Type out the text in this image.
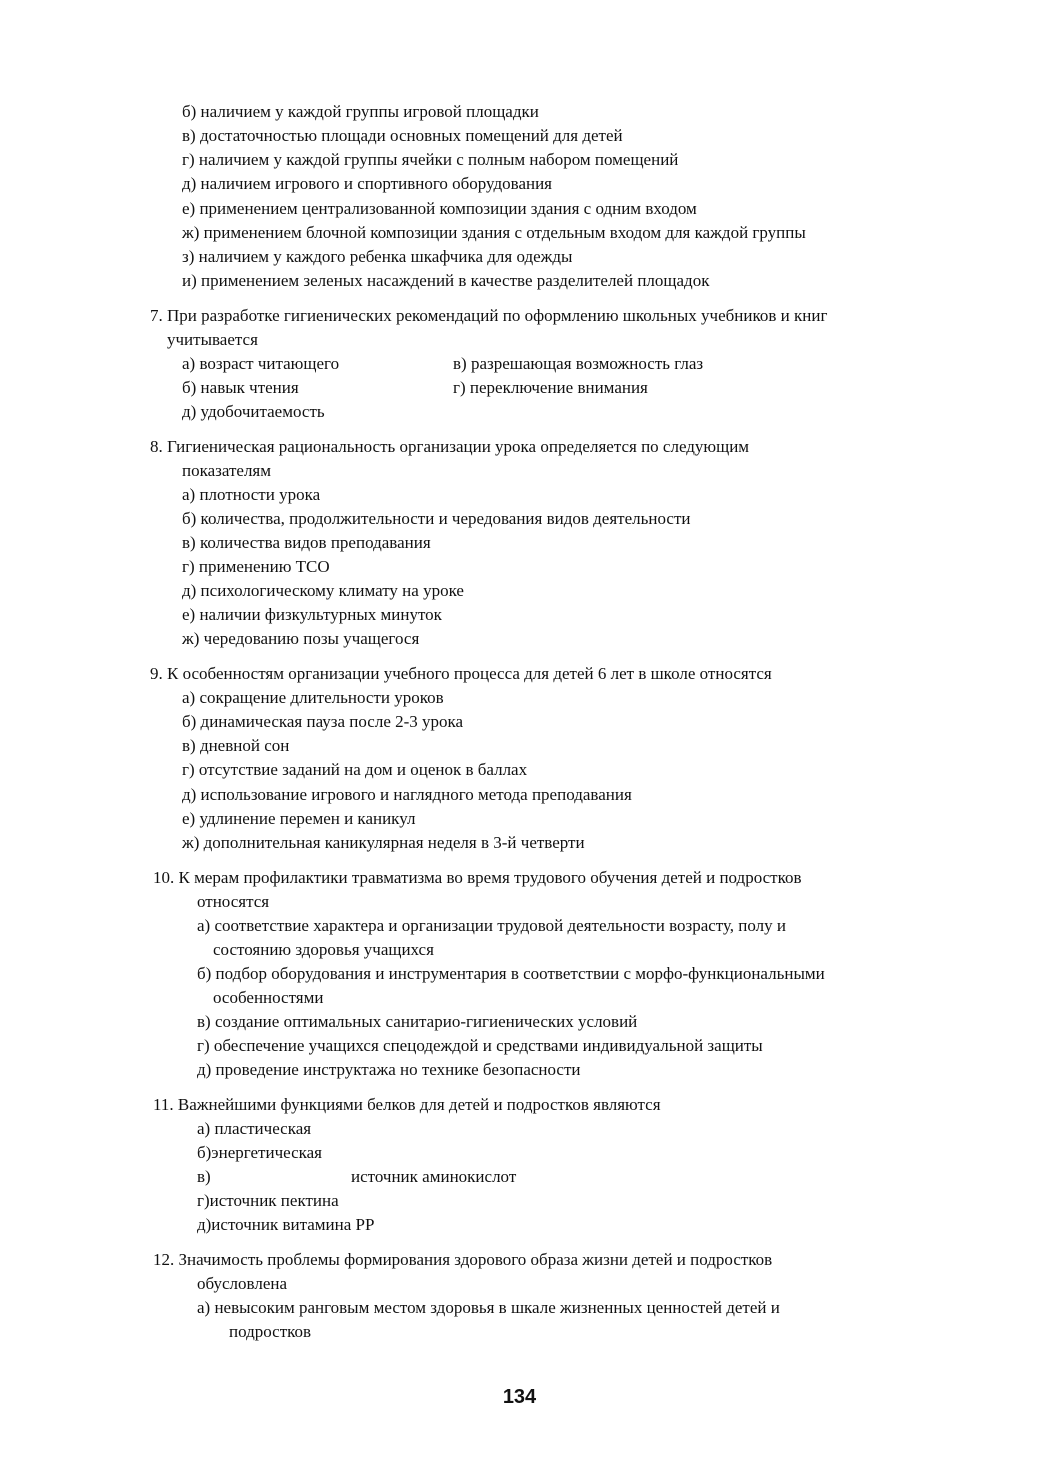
б) наличием у каждой группы игровой площадки
в) достаточностью площади основных помещений для детей
г) наличием у каждой группы ячейки с полным набором помещений
д) наличием игрового и спортивного оборудования
е) применением централизованной композиции здания с одним входом
ж) применением блочной композиции здания с отдельным входом для каждой группы
з) наличием у каждого ребенка шкафчика для одежды
и) применением зеленых насаждений в качестве разделителей площадок
7. При разработке гигиенических рекомендаций по оформлению школьных учебников и книг
учитывается
а) возраст читающего	в) разрешающая возможность глаз
б) навык чтения	г) переключение внимания
д) удобочитаемость
8. Гигиеническая рациональность организации урока определяется по следующим
показателям
а) плотности урока
б) количества, продолжительности и чередования видов деятельности
в) количества видов преподавания
г) применению ТСО
д) психологическому климату на уроке
е) наличии физкультурных минуток
ж) чередованию позы учащегося
9. К особенностям организации учебного процесса для детей 6 лет в школе относятся
а) сокращение длительности уроков
б) динамическая пауза после 2-3 урока
в) дневной сон
г) отсутствие заданий на дом и оценок в баллах
д) использование игрового и наглядного метода преподавания
е) удлинение перемен и каникул
ж) дополнительная каникулярная неделя в 3-й четверти
10. К мерам профилактики травматизма во время трудового обучения детей и подростков
относятся
а) соответствие характера и организации трудовой деятельности возрасту, полу и
состоянию здоровья учащихся
б) подбор оборудования и инструментария в соответствии с морфо-функциональными
особенностями
в) создание оптимальных санитарио-гигиенических условий
г) обеспечение учащихся спецодеждой и средствами индивидуальной защиты
д) проведение инструктажа но технике безопасности
11. Важнейшими функциями белков для детей и подростков являются
а) пластическая
б)энергетическая
в)	источник аминокислот
г)источник пектина
д)источник витамина РР
12. Значимость проблемы формирования здорового образа жизни детей и подростков
обусловлена
а) невысоким ранговым местом здоровья в шкале жизненных ценностей детей и
подростков
134
